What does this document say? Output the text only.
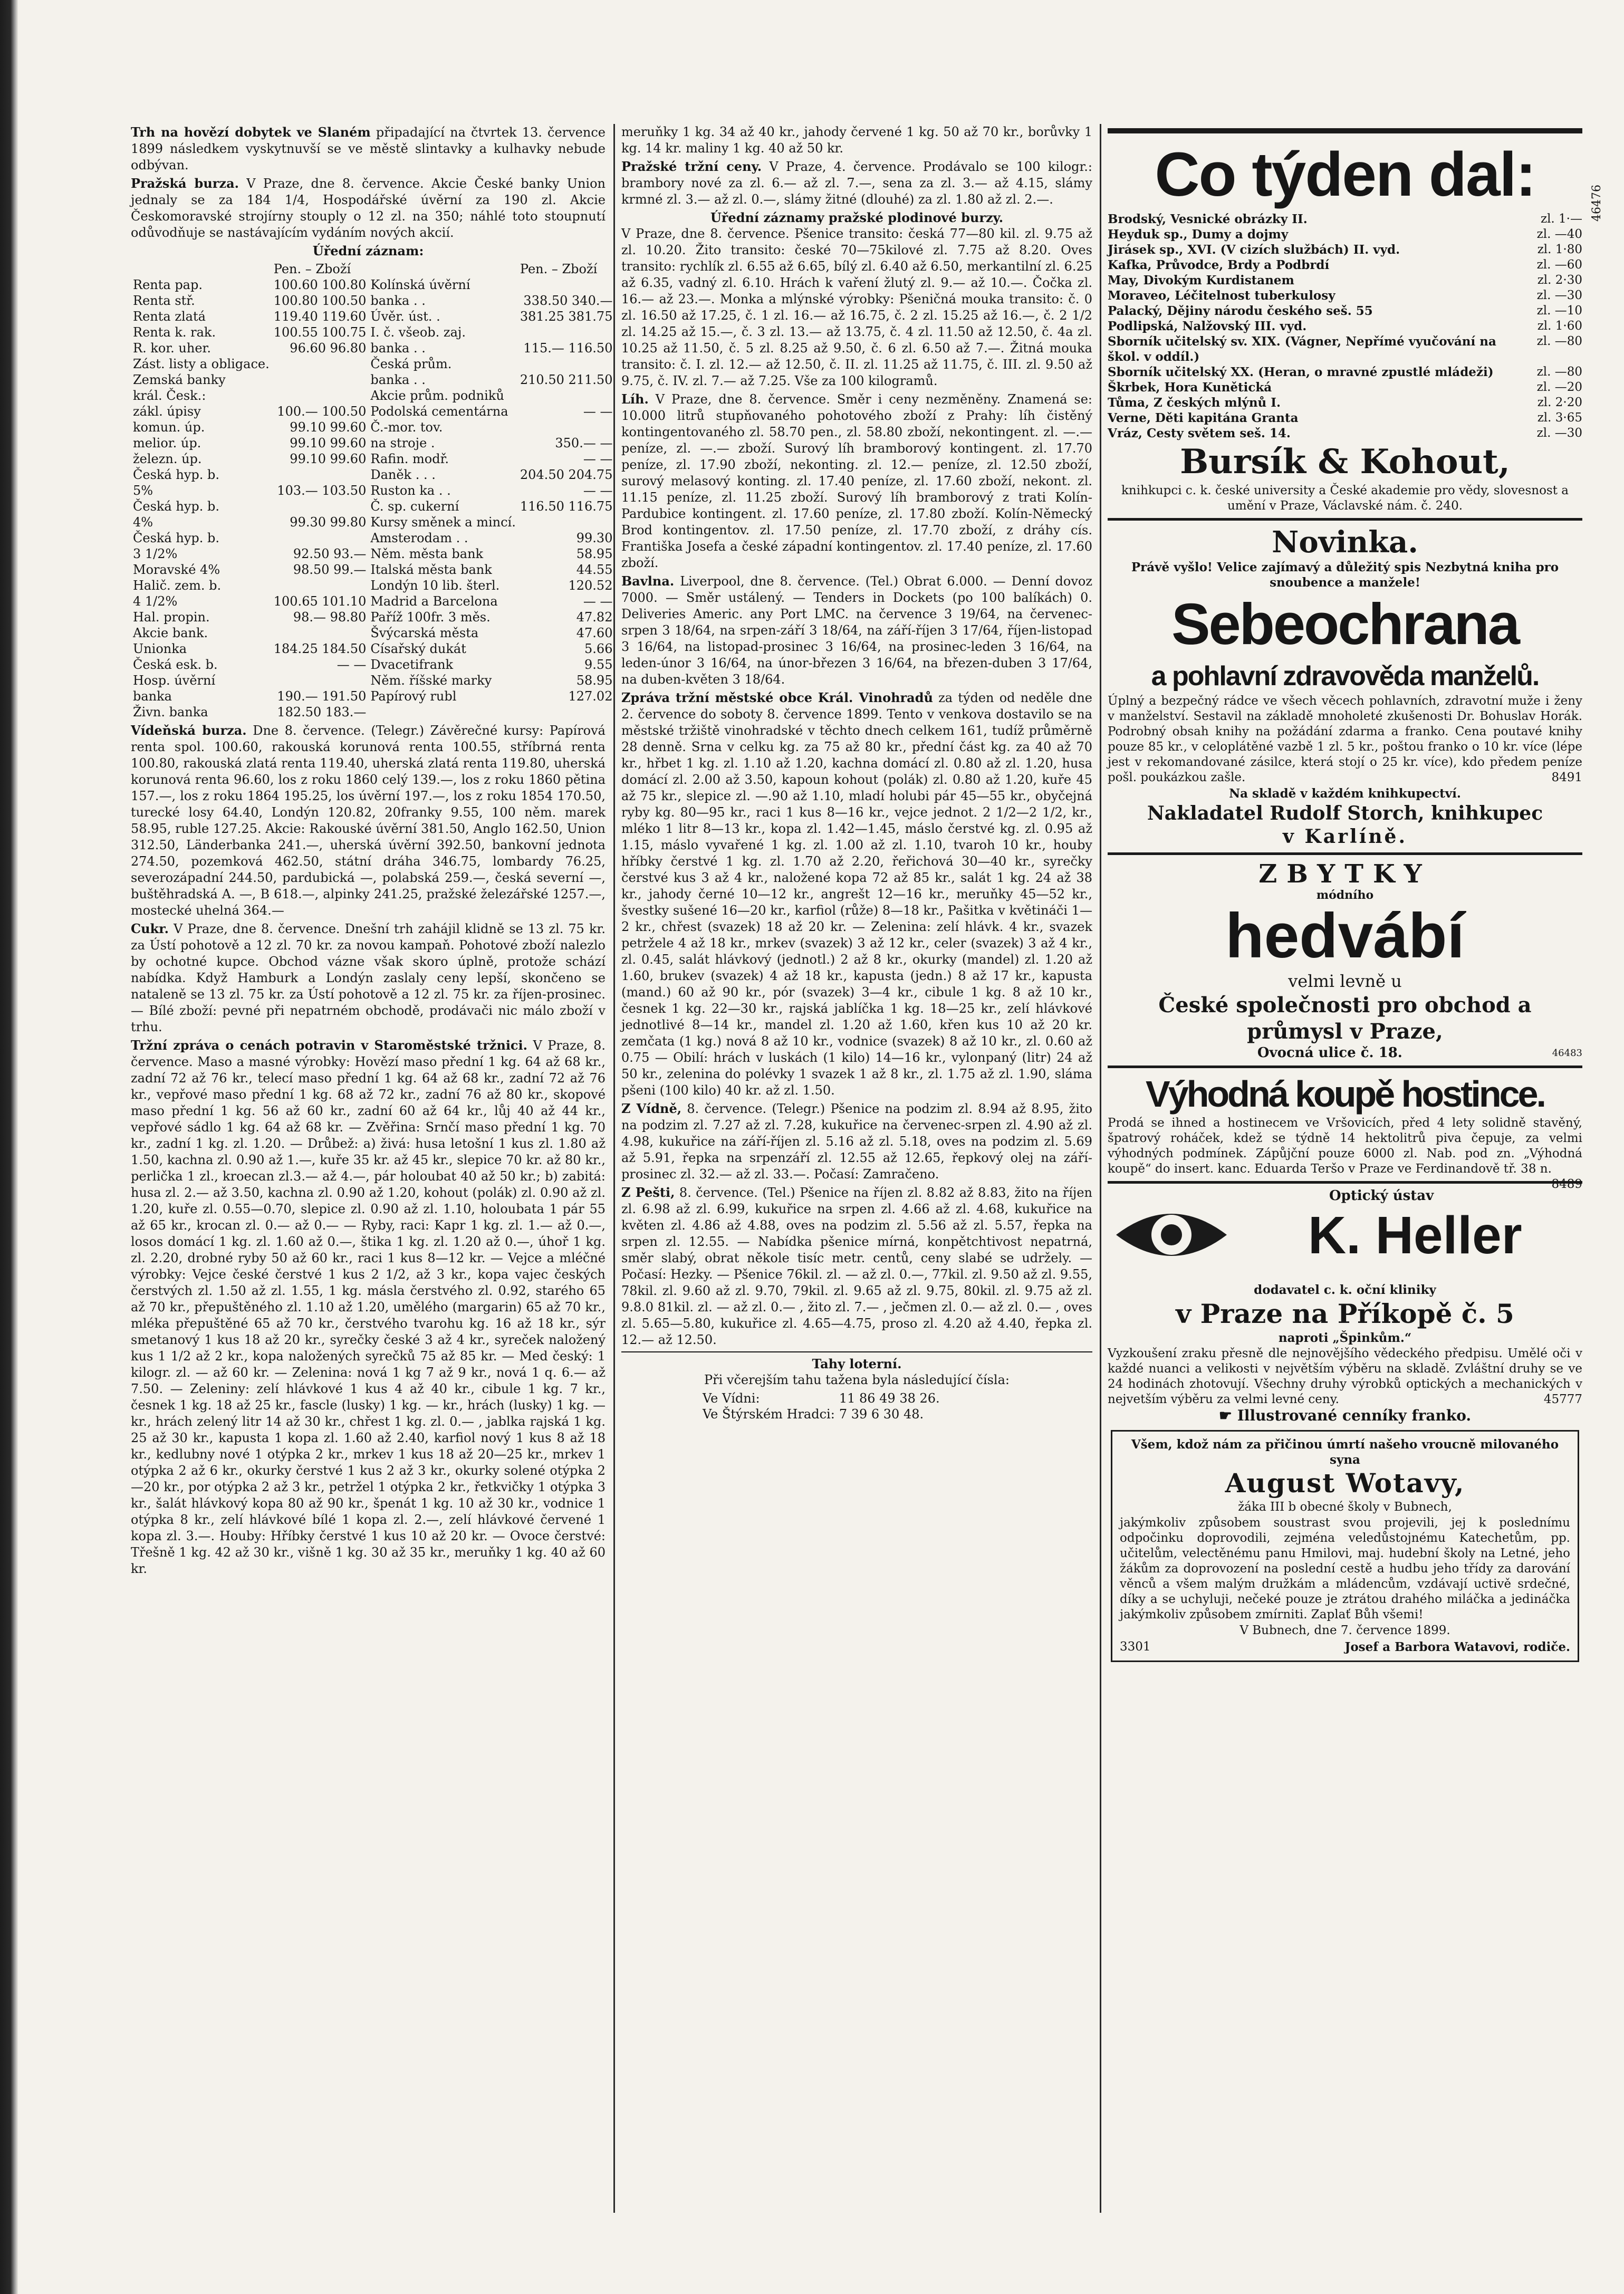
Trh na hovězí dobytek ve Slaném připadající na čtvrtek 13. července 1899 následkem vyskytnuvší se ve městě slintavky a kulhavky nebude odbývan.

Pražská burza. V Praze, dne 8. července. Akcie České banky Union jednaly se za 184 1/4, Hospodářské úvěrní za 190 zl. Akcie Českomoravské strojírny stouply o 12 zl. na 350; náhlé toto stoupnutí odůvodňuje se nastávajícím vydáním nových akcií.

Úřední záznam:
	Pen. – Zboží		Pen. – Zboží
Renta pap.	100.60 100.80	Kolínská úvěrní	
Renta stř.	100.80 100.50	banka . .	338.50 340.—
Renta zlatá	119.40 119.60	Úvěr. úst. .	381.25 381.75
Renta k. rak.	100.55 100.75	I. č. všeob. zaj.	
R. kor. uher.	96.60 96.80	banka . .	115.— 116.50
Zást. listy a obligace.		Česká prům.	
Zemská banky		banka . .	210.50 211.50
král. Česk.:		Akcie prům. podniků	
zákl. úpisy	100.— 100.50	Podolská cementárna	— —
komun. úp.	99.10 99.60	Č.-mor. tov.	
melior. úp.	99.10 99.60	na stroje .	350.— —
železn. úp.	99.10 99.60	Rafin. modř.	— —
Česká hyp. b.		Daněk . . .	204.50 204.75
5%	103.— 103.50	Ruston ka . .	— —
Česká hyp. b.		Č. sp. cukerní	116.50 116.75
4%	99.30 99.80	Kursy směnek a mincí.	
Česká hyp. b.		Amsterodam . .	99.30
3 1/2%	92.50 93.—	Něm. města bank	58.95
Moravské 4%	98.50 99.—	Italská města bank	44.55
Halič. zem. b.		Londýn 10 lib. šterl.	120.52
4 1/2%	100.65 101.10	Madrid a Barcelona	— —
Hal. propin.	98.— 98.80	Paříž 100fr. 3 měs.	47.82
Akcie bank.		Švýcarská města	47.60
Unionka	184.25 184.50	Císařský dukát	5.66
Česká esk. b.	— —	Dvacetifrank	9.55
Hosp. úvěrní		Něm. říšské marky	58.95
banka	190.— 191.50	Papírový rubl	127.02
Živn. banka	182.50 183.—		

Vídeňská burza. Dne 8. července. (Telegr.) Závěrečné kursy: Papírová renta spol. 100.60, rakouská korunová renta 100.55, stříbrná renta 100.80, rakouská zlatá renta 119.40, uherská zlatá renta 119.80, uherská korunová renta 96.60, los z roku 1860 celý 139.—, los z roku 1860 pětina 157.—, los z roku 1864 195.25, los úvěrní 197.—, los z roku 1854 170.50, turecké losy 64.40, Londýn 120.82, 20franky 9.55, 100 něm. marek 58.95, ruble 127.25. Akcie: Rakouské úvěrní 381.50, Anglo 162.50, Union 312.50, Länderbanka 241.—, uherská úvěrní 392.50, bankovní jednota 274.50, pozemková 462.50, státní dráha 346.75, lombardy 76.25, severozápadní 244.50, pardubická —, polabská 259.—, česká severní —, buštěhradská A. —, B 618.—, alpinky 241.25, pražské železářské 1257.—, mostecké uhelná 364.—

Cukr. V Praze, dne 8. července. Dnešní trh zahájil klidně se 13 zl. 75 kr. za Ústí pohotově a 12 zl. 70 kr. za novou kampaň. Pohotové zboží nalezlo by ochotné kupce. Obchod vázne však skoro úplně, protože schází nabídka. Když Hamburk a Londýn zaslaly ceny lepší, skončeno se nataleně se 13 zl. 75 kr. za Ústí pohotově a 12 zl. 75 kr. za říjen-prosinec. — Bílé zboží: pevné při nepatrném obchodě, prodávači nic málo zboží v trhu.

Tržní zpráva o cenách potravin v Staroměstské tržnici. V Praze, 8. července. Maso a masné výrobky: Hovězí maso přední 1 kg. 64 až 68 kr., zadní 72 až 76 kr., telecí maso přední 1 kg. 64 až 68 kr., zadní 72 až 76 kr., vepřové maso přední 1 kg. 68 až 72 kr., zadní 76 až 80 kr., skopové maso přední 1 kg. 56 až 60 kr., zadní 60 až 64 kr., lůj 40 až 44 kr., vepřové sádlo 1 kg. 64 až 68 kr. — Zvěřina: Srnčí maso přední 1 kg. 70 kr., zadní 1 kg. zl. 1.20. — Drůbež: a) živá: husa letošní 1 kus zl. 1.80 až 1.50, kachna zl. 0.90 až 1.—, kuře 35 kr. až 45 kr., slepice 70 kr. až 80 kr., perlička 1 zl., kroecan zl.3.— až 4.—, pár holoubat 40 až 50 kr.; b) zabitá: husa zl. 2.— až 3.50, kachna zl. 0.90 až 1.20, kohout (polák) zl. 0.90 až zl. 1.20, kuře zl. 0.55—0.70, slepice zl. 0.90 až zl. 1.10, holoubata 1 pár 55 až 65 kr., krocan zl. 0.— až 0.— — Ryby, raci: Kapr 1 kg. zl. 1.— až 0.—, losos domácí 1 kg. zl. 1.60 až 0.—, štika 1 kg. zl. 1.20 až 0.—, úhoř 1 kg. zl. 2.20, drobné ryby 50 až 60 kr., raci 1 kus 8—12 kr. — Vejce a mléčné výrobky: Vejce české čerstvé 1 kus 2 1/2, až 3 kr., kopa vajec českých čerstvých zl. 1.50 až zl. 1.55, 1 kg. másla čerstvého zl. 0.92, starého 65 až 70 kr., přepuštěného zl. 1.10 až 1.20, umělého (margarin) 65 až 70 kr., mléka přepuštěné 65 až 70 kr., čerstvého tvarohu kg. 16 až 18 kr., sýr smetanový 1 kus 18 až 20 kr., syrečky české 3 až 4 kr., syreček naložený kus 1 1/2 až 2 kr., kopa naložených syrečků 75 až 85 kr. — Med český: 1 kilogr. zl. — až 60 kr. — Zelenina: nová 1 kg 7 až 9 kr., nová 1 q. 6.— až 7.50. — Zeleniny: zelí hlávkové 1 kus 4 až 40 kr., cibule 1 kg. 7 kr., česnek 1 kg. 18 až 25 kr., fascle (lusky) 1 kg. — kr., hrách (lusky) 1 kg. — kr., hrách zelený litr 14 až 30 kr., chřest 1 kg. zl. 0.— , jablka rajská 1 kg. 25 až 30 kr., kapusta 1 kopa zl. 1.60 až 2.40, karfiol nový 1 kus 8 až 18 kr., kedlubny nové 1 otýpka 2 kr., mrkev 1 kus 18 až 20—25 kr., mrkev 1 otýpka 2 až 6 kr., okurky čerstvé 1 kus 2 až 3 kr., okurky solené otýpka 2—20 kr., por otýpka 2 až 3 kr., petržel 1 otýpka 2 kr., řetkvičky 1 otýpka 3 kr., šalát hlávkový kopa 80 až 90 kr., špenát 1 kg. 10 až 30 kr., vodnice 1 otýpka 8 kr., zelí hlávkové bílé 1 kopa zl. 2.—, zelí hlávkové červené 1 kopa zl. 3.—. Houby: Hříbky čerstvé 1 kus 10 až 20 kr. — Ovoce čerstvé: Třešně 1 kg. 42 až 30 kr., višně 1 kg. 30 až 35 kr., meruňky 1 kg. 40 až 60 kr.

meruňky 1 kg. 34 až 40 kr., jahody červené 1 kg. 50 až 70 kr., borůvky 1 kg. 14 kr. maliny 1 kg. 40 až 50 kr.

Pražské tržní ceny. V Praze, 4. července. Prodávalo se 100 kilogr.: brambory nové za zl. 6.— až zl. 7.—, sena za zl. 3.— až 4.15, slámy krmné zl. 3.— až zl. 0.—, slámy žitné (dlouhé) za zl. 1.80 až zl. 2.—.

Úřední záznamy pražské plodinové burzy.

V Praze, dne 8. července. Pšenice transito: česká 77—80 kil. zl. 9.75 až zl. 10.20. Žito transito: české 70—75kilové zl. 7.75 až 8.20. Oves transito: rychlík zl. 6.55 až 6.65, bílý zl. 6.40 až 6.50, merkantilní zl. 6.25 až 6.35, vadný zl. 6.10. Hrách k vaření žlutý zl. 9.— až 10.—. Čočka zl. 16.— až 23.—. Monka a mlýnské výrobky: Pšeničná mouka transito: č. 0 zl. 16.50 až 17.25, č. 1 zl. 16.— až 16.75, č. 2 zl. 15.25 až 16.—, č. 2 1/2 zl. 14.25 až 15.—, č. 3 zl. 13.— až 13.75, č. 4 zl. 11.50 až 12.50, č. 4a zl. 10.25 až 11.50, č. 5 zl. 8.25 až 9.50, č. 6 zl. 6.50 až 7.—. Žitná mouka transito: č. I. zl. 12.— až 12.50, č. II. zl. 11.25 až 11.75, č. III. zl. 9.50 až 9.75, č. IV. zl. 7.— až 7.25. Vše za 100 kilogramů.

Líh. V Praze, dne 8. července. Směr i ceny nezměněny. Znamená se: 10.000 litrů stupňovaného pohotového zboží z Prahy: líh čistěný kontingentovaného zl. 58.70 pen., zl. 58.80 zboží, nekontingent. zl. —.— peníze, zl. —.— zboží. Surový líh bramborový kontingent. zl. 17.70 peníze, zl. 17.90 zboží, nekonting. zl. 12.— peníze, zl. 12.50 zboží, surový melasový konting. zl. 17.40 peníze, zl. 17.60 zboží, nekont. zl. 11.15 peníze, zl. 11.25 zboží. Surový líh bramborový z trati Kolín-Pardubice kontingent. zl. 17.60 peníze, zl. 17.80 zboží. Kolín-Německý Brod kontingentov. zl. 17.50 peníze, zl. 17.70 zboží, z dráhy cís. Františka Josefa a české západní kontingentov. zl. 17.40 peníze, zl. 17.60 zboží.

Bavlna. Liverpool, dne 8. července. (Tel.) Obrat 6.000. — Denní dovoz 7000. — Směr ustálený. — Tenders in Dockets (po 100 balíkách) 0. Deliveries Americ. any Port LMC. na července 3 19/64, na červenec-srpen 3 18/64, na srpen-září 3 18/64, na září-říjen 3 17/64, říjen-listopad 3 16/64, na listopad-prosinec 3 16/64, na prosinec-leden 3 16/64, na leden-únor 3 16/64, na únor-březen 3 16/64, na březen-duben 3 17/64, na duben-květen 3 18/64.

Zpráva tržní městské obce Král. Vinohradů za týden od neděle dne 2. července do soboty 8. července 1899. Tento v venkova dostavilo se na městské tržiště vinohradské v těchto dnech celkem 161, tudíž průměrně 28 denně. Srna v celku kg. za 75 až 80 kr., přední část kg. za 40 až 70 kr., hřbet 1 kg. zl. 1.10 až 1.20, kachna domácí zl. 0.80 až zl. 1.20, husa domácí zl. 2.00 až 3.50, kapoun kohout (polák) zl. 0.80 až 1.20, kuře 45 až 75 kr., slepice zl. —.90 až 1.10, mladí holubi pár 45—55 kr., obyčejná ryby kg. 80—95 kr., raci 1 kus 8—16 kr., vejce jednot. 2 1/2—2 1/2, kr., mléko 1 litr 8—13 kr., kopa zl. 1.42—1.45, máslo čerstvé kg. zl. 0.95 až 1.15, máslo vyvařené 1 kg. zl. 1.00 až zl. 1.10, tvaroh 10 kr., houby hříbky čerstvé 1 kg. zl. 1.70 až 2.20, řeřichová 30—40 kr., syrečky čerstvé kus 3 až 4 kr., naložené kopa 72 až 85 kr., salát 1 kg. 24 až 38 kr., jahody černé 10—12 kr., angrešt 12—16 kr., meruňky 45—52 kr., švestky sušené 16—20 kr., karfiol (růže) 8—18 kr., Pašitka v květináči 1—2 kr., chřest (svazek) 18 až 20 kr. — Zelenina: zelí hlávk. 4 kr., svazek petržele 4 až 18 kr., mrkev (svazek) 3 až 12 kr., celer (svazek) 3 až 4 kr., zl. 0.45, salát hlávkový (jednotl.) 2 až 8 kr., okurky (mandel) zl. 1.20 až 1.60, brukev (svazek) 4 až 18 kr., kapusta (jedn.) 8 až 17 kr., kapusta (mand.) 60 až 90 kr., pór (svazek) 3—4 kr., cibule 1 kg. 8 až 10 kr., česnek 1 kg. 22—30 kr., rajská jablíčka 1 kg. 18—25 kr., zelí hlávkové jednotlivé 8—14 kr., mandel zl. 1.20 až 1.60, křen kus 10 až 20 kr. zemčata (1 kg.) nová 8 až 10 kr., vodnice (svazek) 8 až 10 kr., zl. 0.60 až 0.75 — Obilí: hrách v luskách (1 kilo) 14—16 kr., vylonpaný (litr) 24 až 50 kr., zelenina do polévky 1 svazek 1 až 8 kr., zl. 1.75 až zl. 1.90, sláma pšeni (100 kilo) 40 kr. až zl. 1.50.

Z Vídně, 8. července. (Telegr.) Pšenice na podzim zl. 8.94 až 8.95, žito na podzim zl. 7.27 až zl. 7.28, kukuřice na červenec-srpen zl. 4.90 až zl. 4.98, kukuřice na září-říjen zl. 5.16 až zl. 5.18, oves na podzim zl. 5.69 až 5.91, řepka na srpenzáří zl. 12.55 až 12.65, řepkový olej na září-prosinec zl. 32.— až zl. 33.—. Počasí: Zamračeno.

Z Pešti, 8. července. (Tel.) Pšenice na říjen zl. 8.82 až 8.83, žito na říjen zl. 6.98 až zl. 6.99, kukuřice na srpen zl. 4.66 až zl. 4.68, kukuřice na květen zl. 4.86 až 4.88, oves na podzim zl. 5.56 až zl. 5.57, řepka na srpen zl. 12.55. — Nabídka pšenice mírná, konpětchtivost nepatrná, směr slabý, obrat někole tisíc metr. centů, ceny slabé se udržely. — Počasí: Hezky. — Pšenice 76kil. zl. — až zl. 0.—, 77kil. zl. 9.50 až zl. 9.55, 78kil. zl. 9.60 až zl. 9.70, 79kil. zl. 9.65 až zl. 9.75, 80kil. zl. 9.75 až zl. 9.8.0 81kil. zl. — až zl. 0.— , žito zl. 7.— , ječmen zl. 0.— až zl. 0.— , oves zl. 5.65—5.80, kukuřice zl. 4.65—4.75, proso zl. 4.20 až 4.40, řepka zl. 12.— až 12.50.

Tahy loterní.
Při včerejším tahu tažena byla následující čísla:
Ve Vídni:	11 86 49 38 26.
Ve Štýrském Hradci:	7 39 6 30 48.
Co týden dal:
Brodský, Vesnické obrázky II.	zl. 1·—
Heyduk sp., Dumy a dojmy	zl. —40
Jirásek sp., XVI. (V cizích službách) II. vyd.	zl. 1·80
Kafka, Průvodce, Brdy a Podbrdí	zl. —60
May, Divokým Kurdistanem	zl. 2·30
Moraveo, Léčitelnost tuberkulosy	zl. —30
Palacký, Dějiny národu českého seš. 55	zl. —10
Podlipská, Nalžovský III. vyd.	zl. 1·60
Sborník učitelský sv. XIX. (Vágner, Nepřímé vyučování na škol. v oddíl.)
zl. —80
Sborník učitelský XX. (Heran, o mravné zpustlé mládeži)	zl. —80
Škrbek, Hora Kunětická	zl. —20
Tůma, Z českých mlýnů I.	zl. 2·20
Verne, Děti kapitána Granta	zl. 3·65
Vráz, Cesty světem seš. 14.	zl. —30
Bursík & Kohout,
knihkupci c. k. české university a České akademie pro vědy, slovesnost a umění v Praze, Václavské nám. č. 240.
Novinka.
Právě vyšlo! Velice zajímavý a důležitý spis Nezbytná kniha pro snoubence a manžele!
Sebeochrana
a pohlavní zdravověda manželů.
Úplný a bezpečný rádce ve všech věcech pohlavních, zdravotní muže i ženy v manželství. Sestavil na základě mnoholeté zkušenosti Dr. Bohuslav Horák. Podrobný obsah knihy na požádání zdarma a franko. Cena poutavé knihy pouze 85 kr., v celoplátěné vazbě 1 zl. 5 kr., poštou franko o 10 kr. více (lépe jest v rekomandované zásilce, která stojí o 25 kr. více), kdo předem peníze pošl. poukázkou zašle.	8491
Na skladě v každém knihkupectví.
Nakladatel Rudolf Storch, knihkupec
v Karlíně.
ZBYTKY
módního
hedvábí
velmi levně u
České společnosti pro obchod a průmysl v Praze,
Ovocná ulice č. 18.	46483
Výhodná koupě hostince.
Prodá se ihned a hostinecem ve Vršovicích, před 4 lety solidně stavěný, špatrový roháček, kdež se týdně 14 hektolitrů piva čepuje, za velmi výhodných podmínek. Zápůjční pouze 6000 zl. Nab. pod zn. „Výhodná koupě“ do insert. kanc. Eduarda Teršo v Praze ve Ferdinandově tř. 38 n.
8489
Optický ústav
K. Heller
dodavatel c. k. oční kliniky
v Praze na Příkopě č. 5
naproti „Špinkům.“
Vyzkoušení zraku přesně dle nejnovějšího vědeckého předpisu. Umělé oči v každé nuanci a velikosti v největším výběru na skladě. Zvláštní druhy se ve 24 hodinách zhotovují. Všechny druhy výrobků optických a mechanických v nejvetším výběru za velmi levné ceny.	45777
☛ Illustrované cenníky franko.
Všem, kdož nám za přičinou úmrtí našeho vroucně milovaného syna
August Wotavy,
žáka III b obecné školy v Bubnech,
jakýmkoliv způsobem soustrast svou projevili, jej k poslednímu odpočinku doprovodili, zejména veledůstojnému Katechetům, pp. učitelům, velectěnému panu Hmilovi, maj. hudební školy na Letné, jeho žákům za doprovození na poslední cestě a hudbu jeho třídy za darování věnců a všem malým družkám a mládencům, vzdávají uctivě srdečné, díky a se uchyluji, nečeké pouze je ztrátou drahého miláčka a jedináčka jakýmkoliv způsobem zmírniti. Zaplať Bůh všemi!
V Bubnech, dne 7. července 1899.
3301	Josef a Barbora Watavovi, rodiče.
46476
